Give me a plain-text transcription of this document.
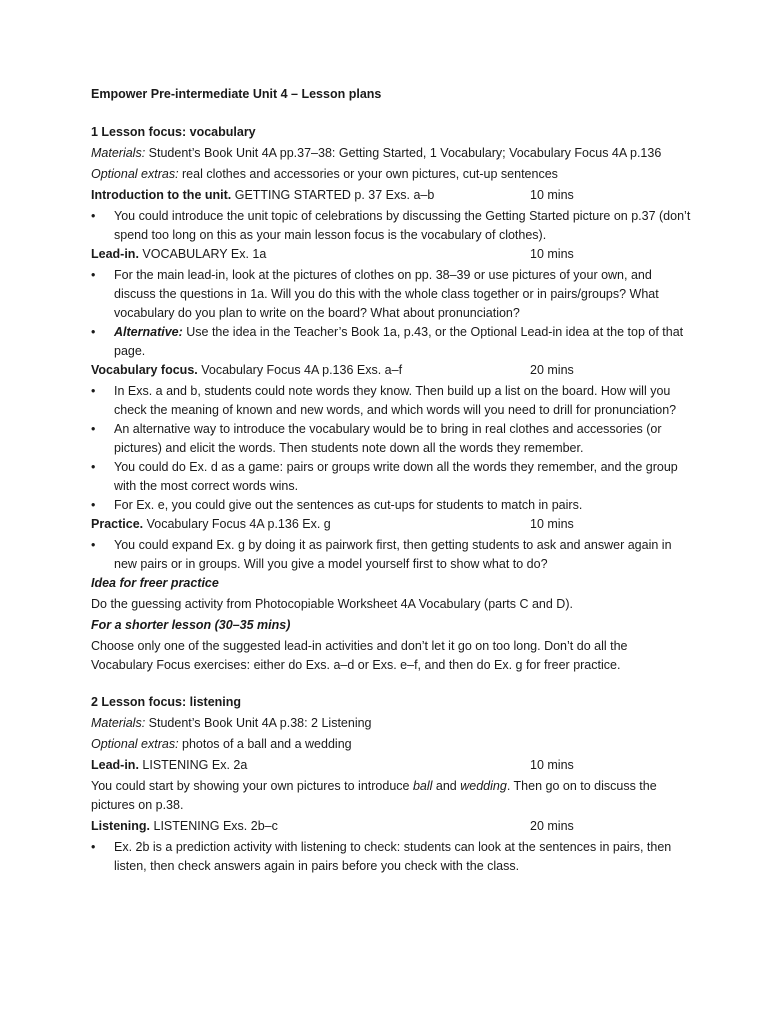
Empower Pre-intermediate Unit 4 – Lesson plans
1 Lesson focus: vocabulary
Materials: Student’s Book Unit 4A pp.37–38: Getting Started, 1 Vocabulary; Vocabulary Focus 4A p.136
Optional extras: real clothes and accessories or your own pictures, cut-up sentences
Introduction to the unit. GETTING STARTED p. 37 Exs. a–b	10 mins
• You could introduce the unit topic of celebrations by discussing the Getting Started picture on p.37 (don’t spend too long on this as your main lesson focus is the vocabulary of clothes).
Lead-in. VOCABULARY Ex. 1a	10 mins
• For the main lead-in, look at the pictures of clothes on pp. 38–39 or use pictures of your own, and discuss the questions in 1a. Will you do this with the whole class together or in pairs/groups? What vocabulary do you plan to write on the board? What about pronunciation?
• Alternative: Use the idea in the Teacher’s Book 1a, p.43, or the Optional Lead-in idea at the top of that page.
Vocabulary focus. Vocabulary Focus 4A p.136 Exs. a–f	20 mins
• In Exs. a and b, students could note words they know. Then build up a list on the board. How will you check the meaning of known and new words, and which words will you need to drill for pronunciation?
• An alternative way to introduce the vocabulary would be to bring in real clothes and accessories (or pictures) and elicit the words. Then students note down all the words they remember.
• You could do Ex. d as a game: pairs or groups write down all the words they remember, and the group with the most correct words wins.
• For Ex. e, you could give out the sentences as cut-ups for students to match in pairs.
Practice. Vocabulary Focus 4A p.136 Ex. g	10 mins
• You could expand Ex. g by doing it as pairwork first, then getting students to ask and answer again in new pairs or in groups. Will you give a model yourself first to show what to do?
Idea for freer practice
Do the guessing activity from Photocopiable Worksheet 4A Vocabulary (parts C and D).
For a shorter lesson (30–35 mins)
Choose only one of the suggested lead-in activities and don’t let it go on too long. Don’t do all the Vocabulary Focus exercises: either do Exs. a–d or Exs. e–f, and then do Ex. g for freer practice.
2 Lesson focus: listening
Materials: Student’s Book Unit 4A p.38: 2 Listening
Optional extras: photos of a ball and a wedding
Lead-in. LISTENING Ex. 2a	10 mins
You could start by showing your own pictures to introduce ball and wedding. Then go on to discuss the pictures on p.38.
Listening. LISTENING Exs. 2b–c	20 mins
• Ex. 2b is a prediction activity with listening to check: students can look at the sentences in pairs, then listen, then check answers again in pairs before you check with the class.
